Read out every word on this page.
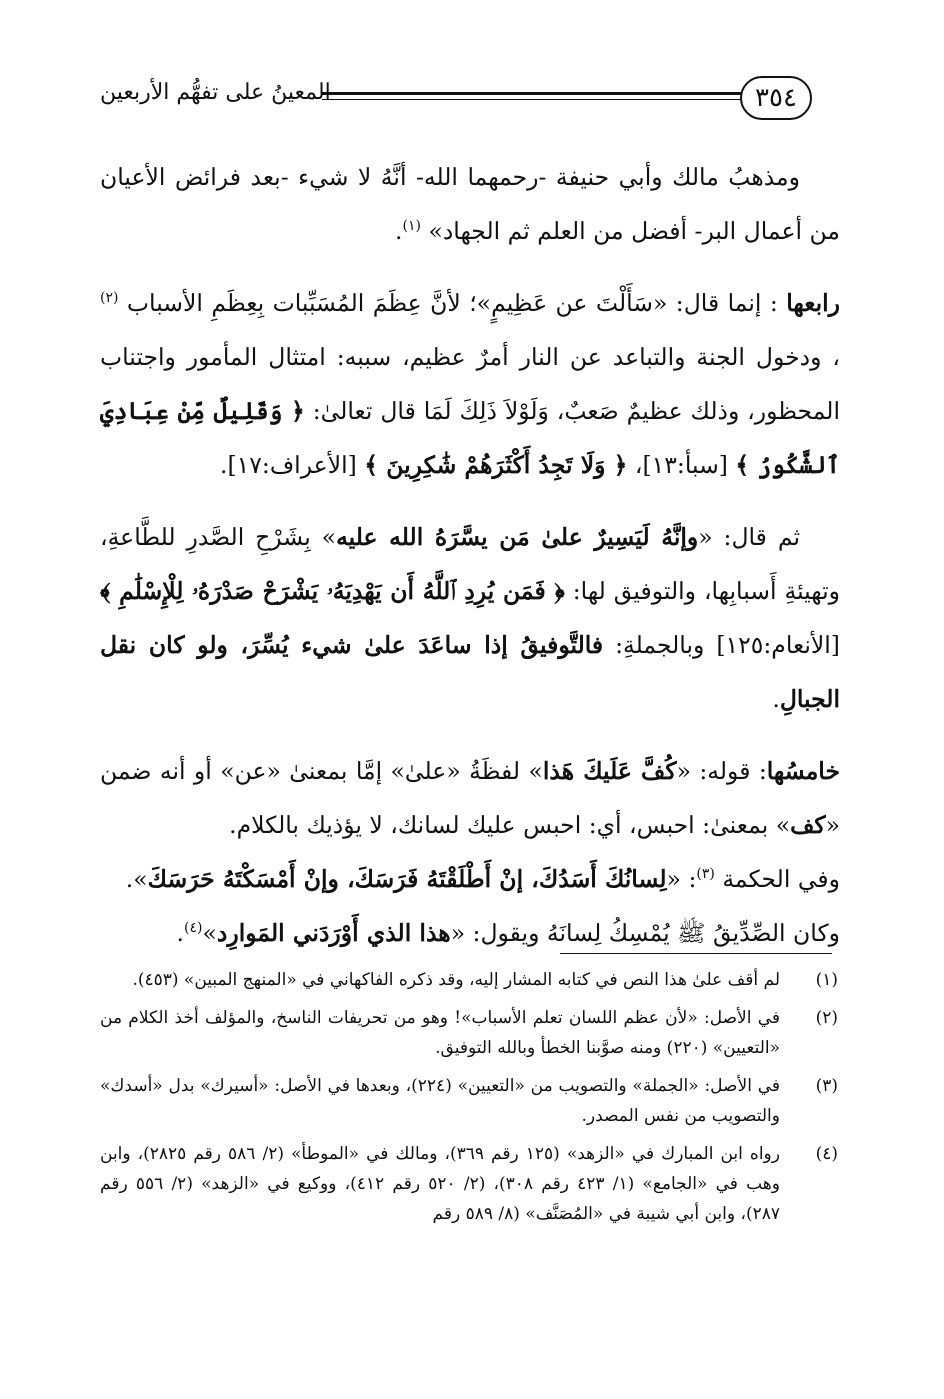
٣٥٤
المعينُ على تفهُّم الأربعين

ومذهبُ مالك وأبي حنيفة -رحمهما الله- أنَّهُ لا شيء -بعد فرائض الأعيان من أعمال البر- أفضل من العلم ثم الجهاد» $^{(١)}$.

رابعها : إنما قال: «سَأَلْتَ عن عَظِيمٍ»؛ لأنَّ عِظَمَ المُسَبِّبات بِعِظَمِ الأسباب $^{(٢)}$ ، ودخول الجنة والتباعد عن النار أمرٌ عظيم، سببه: امتثال المأمور واجتناب المحظور، وذلك عظيمٌ صَعبٌ، وَلَوْلاَ ذَلِكَ لَمَا قال تعالىٰ: ﴿ وَقَلِيلٌ مِّنْ عِبَادِيَ ٱلشَّكُورُ ﴾ [سبأ:١٣]، ﴿ وَلَا تَجِدُ أَكْثَرَهُمْ شَٰكِرِينَ ﴾ [الأعراف:١٧].

ثم قال: «وإنَّهُ لَيَسِيرٌ علىٰ مَن يسَّرَهُ الله عليه» بِشَرْحِ الصَّدرِ للطَّاعةِ، وتهيئةِ أَسبابِها، والتوفيق لها: ﴿ فَمَن يُرِدِ ٱللَّهُ أَن يَهْدِيَهُۥ يَشْرَحْ صَدْرَهُۥ لِلْإِسْلَٰمِ ﴾ [الأنعام:١٢٥] وبالجملةِ: فالتَّوفيقُ إذا ساعَدَ علىٰ شيء يُسِّرَ، ولو كان نقل الجبالِ.

خامسُها: قوله: «كُفَّ عَلَيكَ هَذا» لفظَةُ «علىٰ» إمَّا بمعنىٰ «عن» أو أنه ضمن «كف» بمعنىٰ: احبس، أي: احبس عليك لسانك، لا يؤذيك بالكلام.

وفي الحكمة $^{(٣)}$: «لِسانُكَ أَسَدُكَ، إنْ أَطْلَقْتَهُ فَرَسَكَ، وإنْ أَمْسَكْتَهُ حَرَسَكَ».

وكان الصِّدِّيقُ ﷺ يُمْسِكُ لِسانَهُ ويقول: «هذا الذي أَوْرَدَني المَوارِد»$^{(٤)}$.

(١)
لم أقف علىٰ هذا النص في كتابه المشار إليه، وقد ذكره الفاكهاني في «المنهج المبين» (٤٥٣).
(٢)
في الأصل: «لأن عظم اللسان تعلم الأسباب»! وهو من تحريفات الناسخ، والمؤلف أخذ الكلام من «التعيين» (٢٢٠) ومنه صوَّبنا الخطأ وبالله التوفيق.
(٣)
في الأصل: «الجملة» والتصويب من «التعيين» (٢٢٤)، وبعدها في الأصل: «أسيرك» بدل «أسدك» والتصويب من نفس المصدر.
(٤)
رواه ابن المبارك في «الزهد» (١٢٥ رقم ٣٦٩)، ومالك في «الموطأ» (٢/ ٥٨٦ رقم ٢٨٢٥)، وابن وهب في «الجامع» (١/ ٤٢٣ رقم ٣٠٨)، (٢/ ٥٢٠ رقم ٤١٢)، ووكيع في «الزهد» (٢/ ٥٥٦ رقم ٢٨٧)، وابن أبي شيبة في «المُصَنَّف» (٨/ ٥٨٩ رقم
